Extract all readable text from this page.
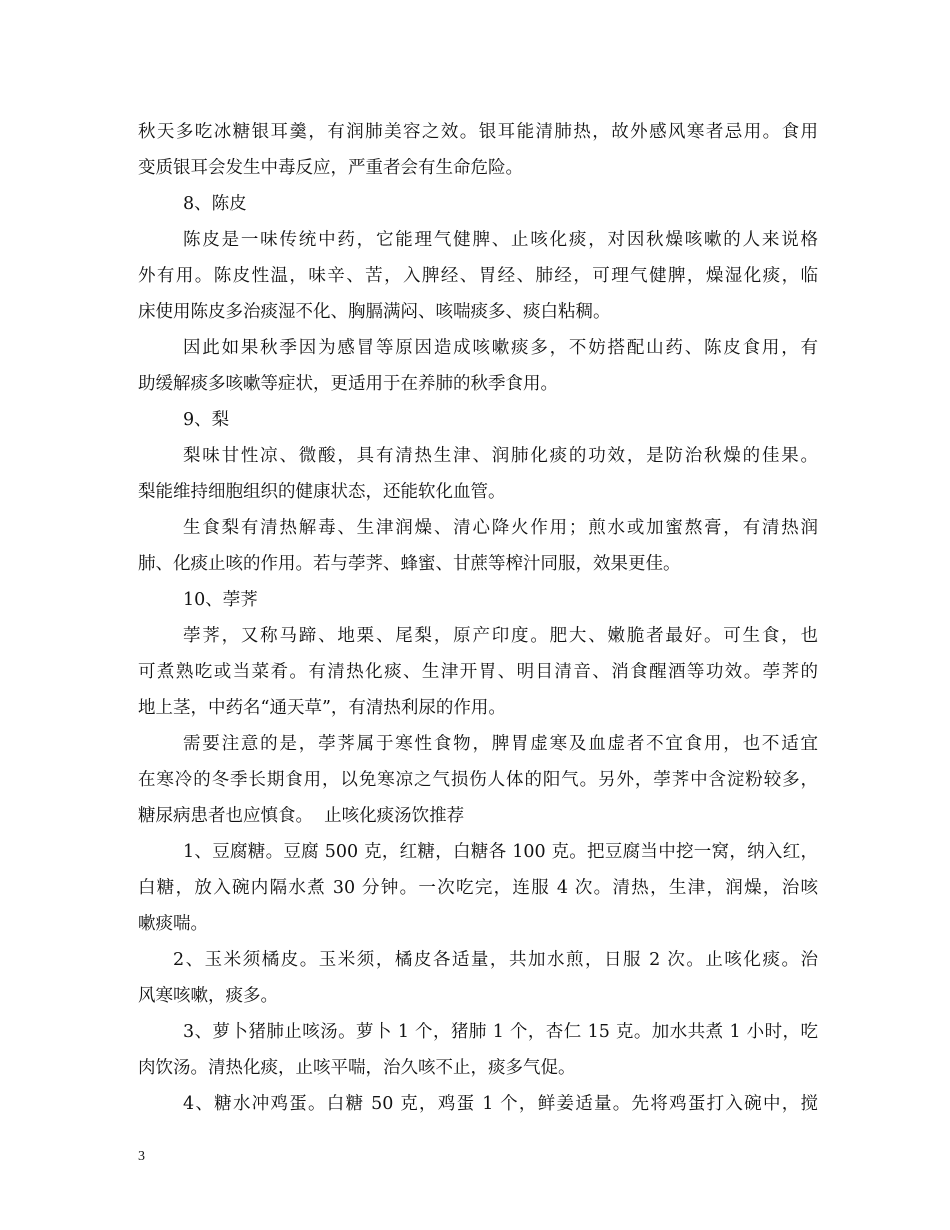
秋天多吃冰糖银耳羹，有润肺美容之效。银耳能清肺热，故外感风寒者忌用。食用
变质银耳会发生中毒反应，严重者会有生命危险。
8、陈皮
陈皮是一味传统中药，它能理气健脾、止咳化痰，对因秋燥咳嗽的人来说格
外有用。陈皮性温，味辛、苦，入脾经、胃经、肺经，可理气健脾，燥湿化痰，临
床使用陈皮多治痰湿不化、胸膈满闷、咳喘痰多、痰白粘稠。
因此如果秋季因为感冒等原因造成咳嗽痰多，不妨搭配山药、陈皮食用，有
助缓解痰多咳嗽等症状，更适用于在养肺的秋季食用。
9、梨
梨味甘性凉、微酸，具有清热生津、润肺化痰的功效，是防治秋燥的佳果。
梨能维持细胞组织的健康状态，还能软化血管。
生食梨有清热解毒、生津润燥、清心降火作用；煎水或加蜜熬膏，有清热润
肺、化痰止咳的作用。若与荸荠、蜂蜜、甘蔗等榨汁同服，效果更佳。
10、荸荠
荸荠，又称马蹄、地栗、尾梨，原产印度。肥大、嫩脆者最好。可生食，也
可煮熟吃或当菜肴。有清热化痰、生津开胃、明目清音、消食醒酒等功效。荸荠的
地上茎，中药名“通天草”，有清热利尿的作用。
需要注意的是，荸荠属于寒性食物，脾胃虚寒及血虚者不宜食用，也不适宜
在寒冷的冬季长期食用，以免寒凉之气损伤人体的阳气。另外，荸荠中含淀粉较多，
糖尿病患者也应慎食。  止咳化痰汤饮推荐
1、豆腐糖。豆腐 500 克，红糖，白糖各 100 克。把豆腐当中挖一窝，纳入红，
白糖，放入碗内隔水煮 30 分钟。一次吃完，连服 4 次。清热，生津，润燥，治咳
嗽痰喘。
2、玉米须橘皮。玉米须，橘皮各适量，共加水煎，日服 2 次。止咳化痰。治
风寒咳嗽，痰多。
3、萝卜猪肺止咳汤。萝卜 1 个，猪肺 1 个，杏仁 15 克。加水共煮 1 小时，吃
肉饮汤。清热化痰，止咳平喘，治久咳不止，痰多气促。
4、糖水冲鸡蛋。白糖 50 克，鸡蛋 1 个，鲜姜适量。先将鸡蛋打入碗中，搅
3
